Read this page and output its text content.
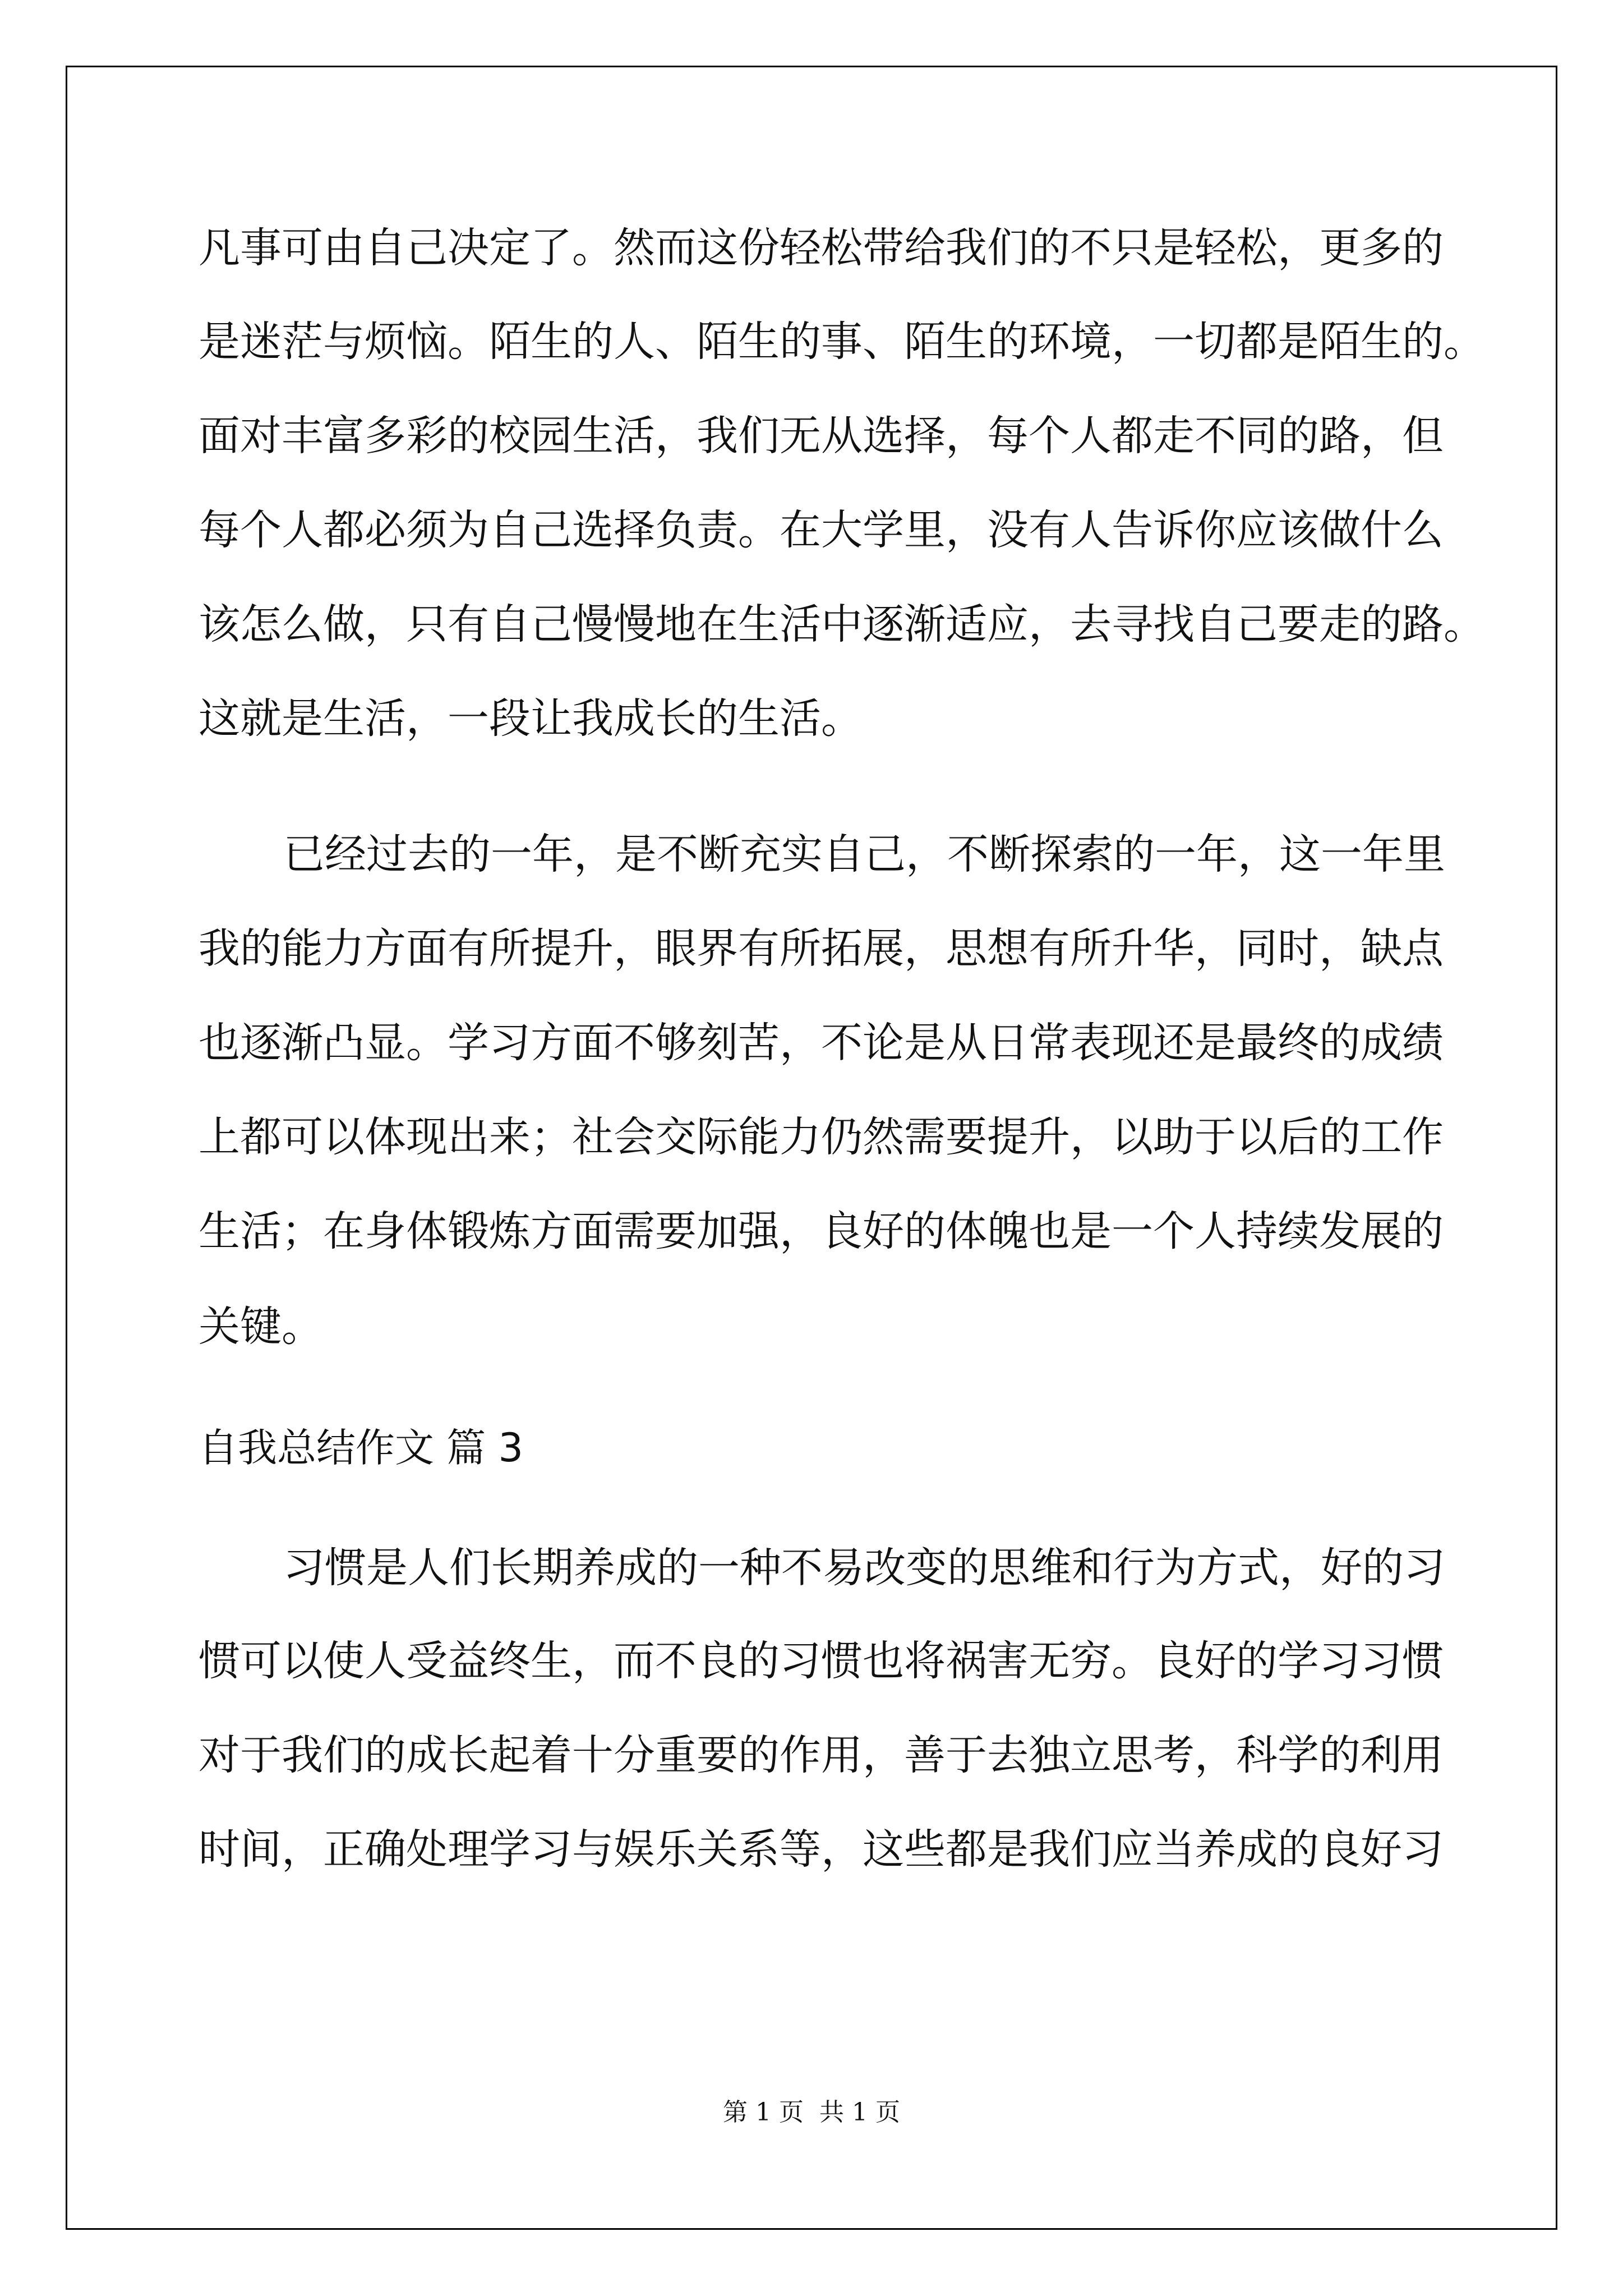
凡事可由自己决定了。然而这份轻松带给我们的不只是轻松，更多的

是迷茫与烦恼。陌生的人、陌生的事、陌生的环境，一切都是陌生的。

面对丰富多彩的校园生活，我们无从选择，每个人都走不同的路，但

每个人都必须为自己选择负责。在大学里，没有人告诉你应该做什么

该怎么做，只有自己慢慢地在生活中逐渐适应，去寻找自己要走的路。

这就是生活，一段让我成长的生活。

已经过去的一年，是不断充实自己，不断探索的一年，这一年里

我的能力方面有所提升，眼界有所拓展，思想有所升华，同时，缺点

也逐渐凸显。学习方面不够刻苦，不论是从日常表现还是最终的成绩

上都可以体现出来；社会交际能力仍然需要提升，以助于以后的工作

生活；在身体锻炼方面需要加强，良好的体魄也是一个人持续发展的

关键。

自我总结作文 篇 3

习惯是人们长期养成的一种不易改变的思维和行为方式，好的习

惯可以使人受益终生，而不良的习惯也将祸害无穷。良好的学习习惯

对于我们的成长起着十分重要的作用，善于去独立思考，科学的利用

时间，正确处理学习与娱乐关系等，这些都是我们应当养成的良好习

第 1 页 共 1 页
